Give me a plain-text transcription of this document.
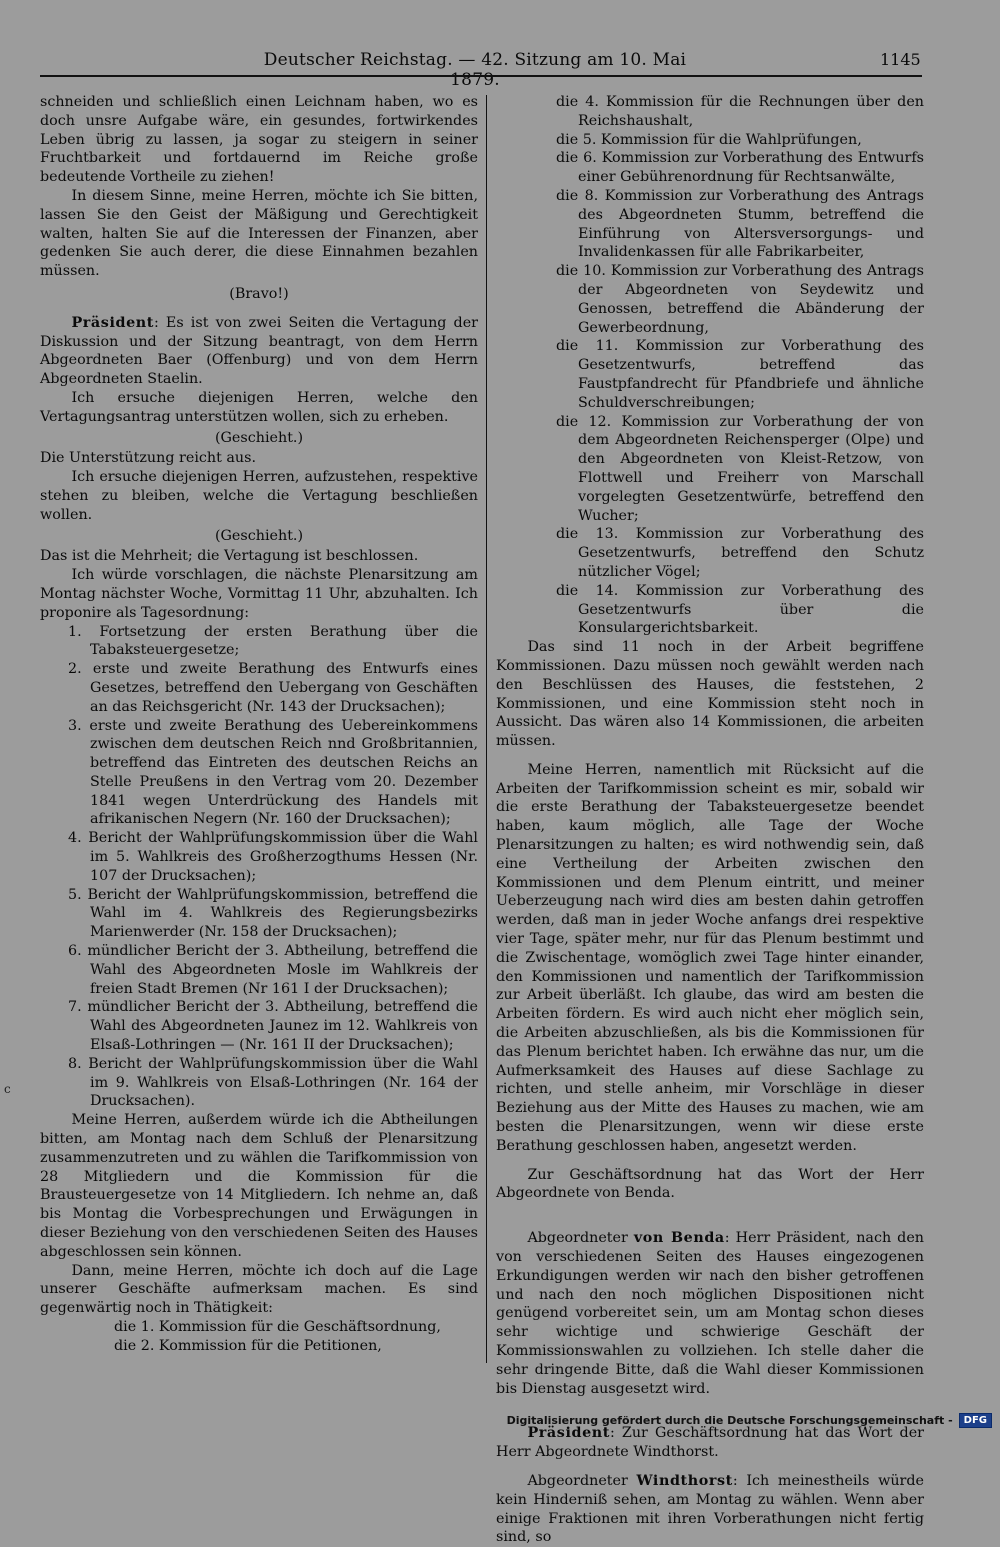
Deutscher Reichstag. — 42. Sitzung am 10. Mai 1879.
1145

schneiden und schließlich einen Leichnam haben, wo es doch unsre Aufgabe wäre, ein gesundes, fortwirkendes Leben übrig zu lassen, ja sogar zu steigern in seiner Fruchtbarkeit und fortdauernd im Reiche große bedeutende Vortheile zu ziehen!

In diesem Sinne, meine Herren, möchte ich Sie bitten, lassen Sie den Geist der Mäßigung und Gerechtigkeit walten, halten Sie auf die Interessen der Finanzen, aber gedenken Sie auch derer, die diese Einnahmen bezahlen müssen.

(Bravo!)

Präsident: Es ist von zwei Seiten die Vertagung der Diskussion und der Sitzung beantragt, von dem Herrn Abgeordneten Baer (Offenburg) und von dem Herrn Abgeordneten Staelin.

Ich ersuche diejenigen Herren, welche den Vertagungsantrag unterstützen wollen, sich zu erheben.

(Geschieht.)

Die Unterstützung reicht aus.

Ich ersuche diejenigen Herren, aufzustehen, respektive stehen zu bleiben, welche die Vertagung beschließen wollen.

(Geschieht.)

Das ist die Mehrheit; die Vertagung ist beschlossen.

Ich würde vorschlagen, die nächste Plenarsitzung am Montag nächster Woche, Vormittag 11 Uhr, abzuhalten. Ich proponire als Tagesordnung:

1. Fortsetzung der ersten Berathung über die Tabaksteuergesetze;

2. erste und zweite Berathung des Entwurfs eines Gesetzes, betreffend den Uebergang von Geschäften an das Reichsgericht (Nr. 143 der Drucksachen);

3. erste und zweite Berathung des Uebereinkommens zwischen dem deutschen Reich nnd Großbritannien, betreffend das Eintreten des deutschen Reichs an Stelle Preußens in den Vertrag vom 20. Dezember 1841 wegen Unterdrückung des Handels mit afrikanischen Negern (Nr. 160 der Drucksachen);

4. Bericht der Wahlprüfungskommission über die Wahl im 5. Wahlkreis des Großherzogthums Hessen (Nr. 107 der Drucksachen);

5. Bericht der Wahlprüfungskommission, betreffend die Wahl im 4. Wahlkreis des Regierungsbezirks Marienwerder (Nr. 158 der Drucksachen);

6. mündlicher Bericht der 3. Abtheilung, betreffend die Wahl des Abgeordneten Mosle im Wahlkreis der freien Stadt Bremen (Nr 161 I der Drucksachen);

7. mündlicher Bericht der 3. Abtheilung, betreffend die Wahl des Abgeordneten Jaunez im 12. Wahlkreis von Elsaß-Lothringen — (Nr. 161 II der Drucksachen);

8. Bericht der Wahlprüfungskommission über die Wahl im 9. Wahlkreis von Elsaß-Lothringen (Nr. 164 der Drucksachen).

Meine Herren, außerdem würde ich die Abtheilungen bitten, am Montag nach dem Schluß der Plenarsitzung zusammenzutreten und zu wählen die Tarifkommission von 28 Mitgliedern und die Kommission für die Brausteuergesetze von 14 Mitgliedern. Ich nehme an, daß bis Montag die Vorbesprechungen und Erwägungen in dieser Beziehung von den verschiedenen Seiten des Hauses abgeschlossen sein können.

Dann, meine Herren, möchte ich doch auf die Lage unserer Geschäfte aufmerksam machen. Es sind gegenwärtig noch in Thätigkeit:

die 1. Kommission für die Geschäftsordnung,

die 2. Kommission für die Petitionen,

die 4. Kommission für die Rechnungen über den Reichshaushalt,

die 5. Kommission für die Wahlprüfungen,

die 6. Kommission zur Vorberathung des Entwurfs einer Gebührenordnung für Rechtsanwälte,

die 8. Kommission zur Vorberathung des Antrags des Abgeordneten Stumm, betreffend die Einführung von Altersversorgungs- und Invalidenkassen für alle Fabrikarbeiter,

die 10. Kommission zur Vorberathung des Antrags der Abgeordneten von Seydewitz und Genossen, betreffend die Abänderung der Gewerbeordnung,

die 11. Kommission zur Vorberathung des Gesetzentwurfs, betreffend das Faustpfandrecht für Pfandbriefe und ähnliche Schuldverschreibungen;

die 12. Kommission zur Vorberathung der von dem Abgeordneten Reichensperger (Olpe) und den Abgeordneten von Kleist-Retzow, von Flottwell und Freiherr von Marschall vorgelegten Gesetzentwürfe, betreffend den Wucher;

die 13. Kommission zur Vorberathung des Gesetzentwurfs, betreffend den Schutz nützlicher Vögel;

die 14. Kommission zur Vorberathung des Gesetzentwurfs über die Konsulargerichtsbarkeit.

Das sind 11 noch in der Arbeit begriffene Kommissionen. Dazu müssen noch gewählt werden nach den Beschlüssen des Hauses, die feststehen, 2 Kommissionen, und eine Kommission steht noch in Aussicht. Das wären also 14 Kommissionen, die arbeiten müssen.

Meine Herren, namentlich mit Rücksicht auf die Arbeiten der Tarifkommission scheint es mir, sobald wir die erste Berathung der Tabaksteuergesetze beendet haben, kaum möglich, alle Tage der Woche Plenarsitzungen zu halten; es wird nothwendig sein, daß eine Vertheilung der Arbeiten zwischen den Kommissionen und dem Plenum eintritt, und meiner Ueberzeugung nach wird dies am besten dahin getroffen werden, daß man in jeder Woche anfangs drei respektive vier Tage, später mehr, nur für das Plenum bestimmt und die Zwischentage, womöglich zwei Tage hinter einander, den Kommissionen und namentlich der Tarifkommission zur Arbeit überläßt. Ich glaube, das wird am besten die Arbeiten fördern. Es wird auch nicht eher möglich sein, die Arbeiten abzuschließen, als bis die Kommissionen für das Plenum berichtet haben. Ich erwähne das nur, um die Aufmerksamkeit des Hauses auf diese Sachlage zu richten, und stelle anheim, mir Vorschläge in dieser Beziehung aus der Mitte des Hauses zu machen, wie am besten die Plenarsitzungen, wenn wir diese erste Berathung geschlossen haben, angesetzt werden.

Zur Geschäftsordnung hat das Wort der Herr Abgeordnete von Benda.

Abgeordneter von Benda: Herr Präsident, nach den von verschiedenen Seiten des Hauses eingezogenen Erkundigungen werden wir nach den bisher getroffenen und nach den noch möglichen Dispositionen nicht genügend vorbereitet sein, um am Montag schon dieses sehr wichtige und schwierige Geschäft der Kommissionswahlen zu vollziehen. Ich stelle daher die sehr dringende Bitte, daß die Wahl dieser Kommissionen bis Dienstag ausgesetzt wird.

Präsident: Zur Geschäftsordnung hat das Wort der Herr Abgeordnete Windthorst.

Abgeordneter Windthorst: Ich meinestheils würde kein Hinderniß sehen, am Montag zu wählen. Wenn aber einige Fraktionen mit ihren Vorberathungen nicht fertig sind, so

c
Digitalisierung gefördert durch die Deutsche Forschungsgemeinschaft -	DFG
